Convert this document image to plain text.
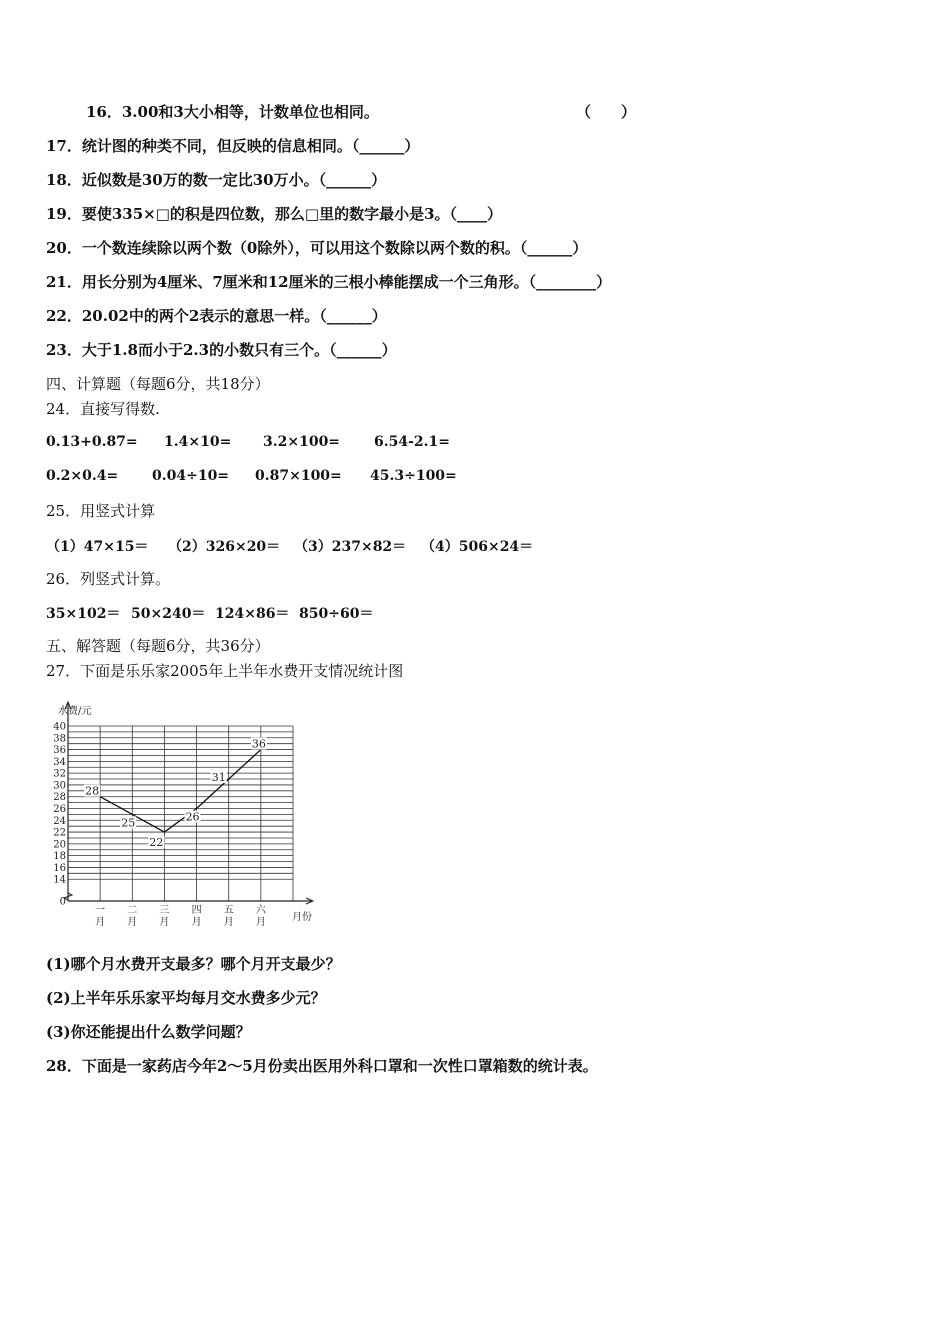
16．3.00和3大小相等，计数单位也相同。	（　　）
17．统计图的种类不同，但反映的信息相同。（______）
18．近似数是30万的数一定比30万小。（______）
19．要使335×□的积是四位数，那么□里的数字最小是3。（____）
20．一个数连续除以两个数（0除外），可以用这个数除以两个数的积。（______）
21．用长分别为4厘米、7厘米和12厘米的三根小棒能摆成一个三角形。（________）
22．20.02中的两个2表示的意思一样。（______）
23．大于1.8而小于2.3的小数只有三个。（______）
四、计算题（每题6分，共18分）
24．直接写得数.
0.13+0.87= 1.4×10= 3.2×100= 6.54-2.1=
0.2×0.4= 0.04÷10= 0.87×100= 45.3÷100=
25．用竖式计算
（1）47×15＝ （2）326×20＝ （3）237×82＝ （4）506×24＝
26．列竖式计算。
35×102＝ 50×240＝ 124×86＝ 850÷60＝
五、解答题（每题6分，共36分）
27．下面是乐乐家2005年上半年水费开支情况统计图
水费/元
月份
0
14
16
18
20
22
24
26
28
30
32
34
36
38
40
一
月
二
月
三
月
四
月
五
月
六
月
28
25
22
26
31
36
(1)哪个月水费开支最多？哪个月开支最少？
(2)上半年乐乐家平均每月交水费多少元？
(3)你还能提出什么数学问题？
28．下面是一家药店今年2～5月份卖出医用外科口罩和一次性口罩箱数的统计表。
